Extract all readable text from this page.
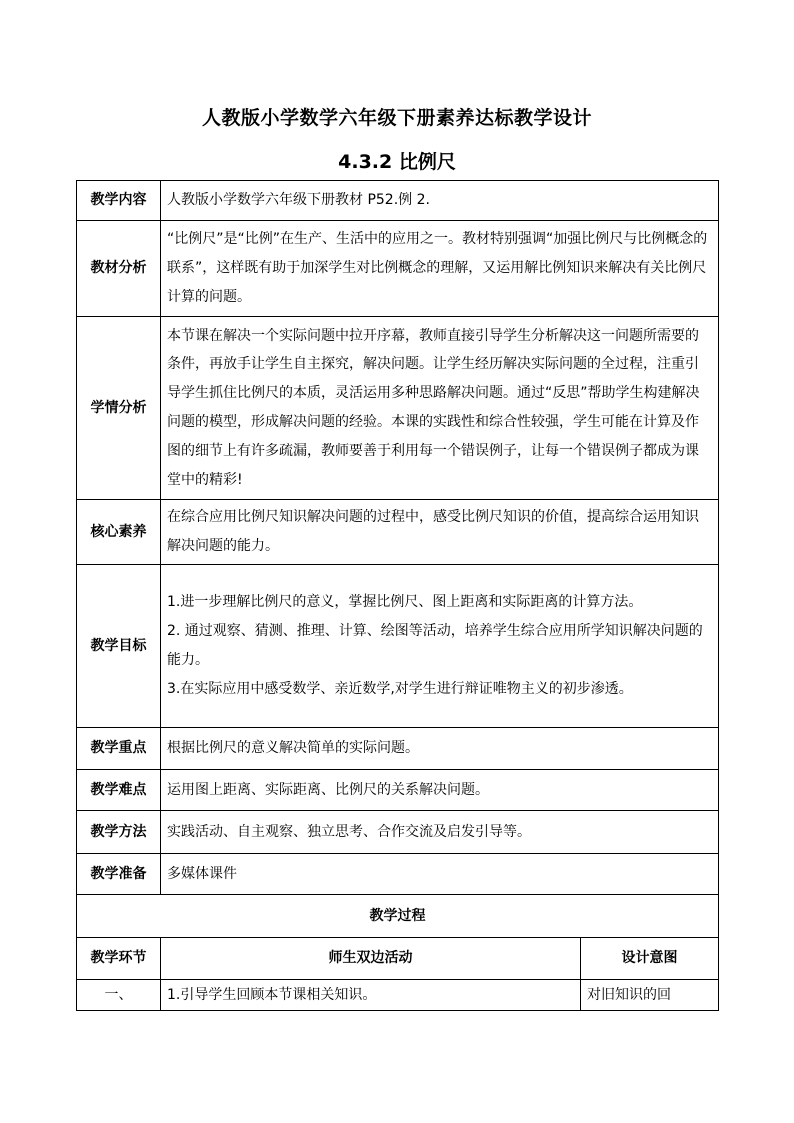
人教版小学数学六年级下册素养达标教学设计
4.3.2 比例尺
教学内容	人教版小学数学六年级下册教材 P52.例 2.	
教材分析	“比例尺”是“比例”在生产、生活中的应用之一。教材特别强调“加强比例尺与比例概念的联系”，这样既有助于加深学生对比例概念的理解，又运用解比例知识来解决有关比例尺计算的问题。	
学情分析	本节课在解决一个实际问题中拉开序幕，教师直接引导学生分析解决这一问题所需要的条件，再放手让学生自主探究，解决问题。让学生经历解决实际问题的全过程，注重引导学生抓住比例尺的本质，灵活运用多种思路解决问题。通过“反思”帮助学生构建解决问题的模型，形成解决问题的经验。本课的实践性和综合性较强，学生可能在计算及作图的细节上有许多疏漏，教师要善于利用每一个错误例子，让每一个错误例子都成为课堂中的精彩!	
核心素养	在综合应用比例尺知识解决问题的过程中，感受比例尺知识的价值，提高综合运用知识解决问题的能力。	
教学目标	1.进一步理解比例尺的意义，掌握比例尺、图上距离和实际距离的计算方法。
2. 通过观察、猜测、推理、计算、绘图等活动，培养学生综合应用所学知识解决问题的能力。
3.在实际应用中感受数学、亲近数学,对学生进行辩证唯物主义的初步渗透。	

教学重点	根据比例尺的意义解决简单的实际问题。	
教学难点	运用图上距离、实际距离、比例尺的关系解决问题。	
教学方法	实践活动、自主观察、独立思考、合作交流及启发引导等。	
教学准备	多媒体课件	
教学过程		
教学环节	师生双边活动	设计意图
一、	1.引导学生回顾本节课相关知识。	对旧知识的回
